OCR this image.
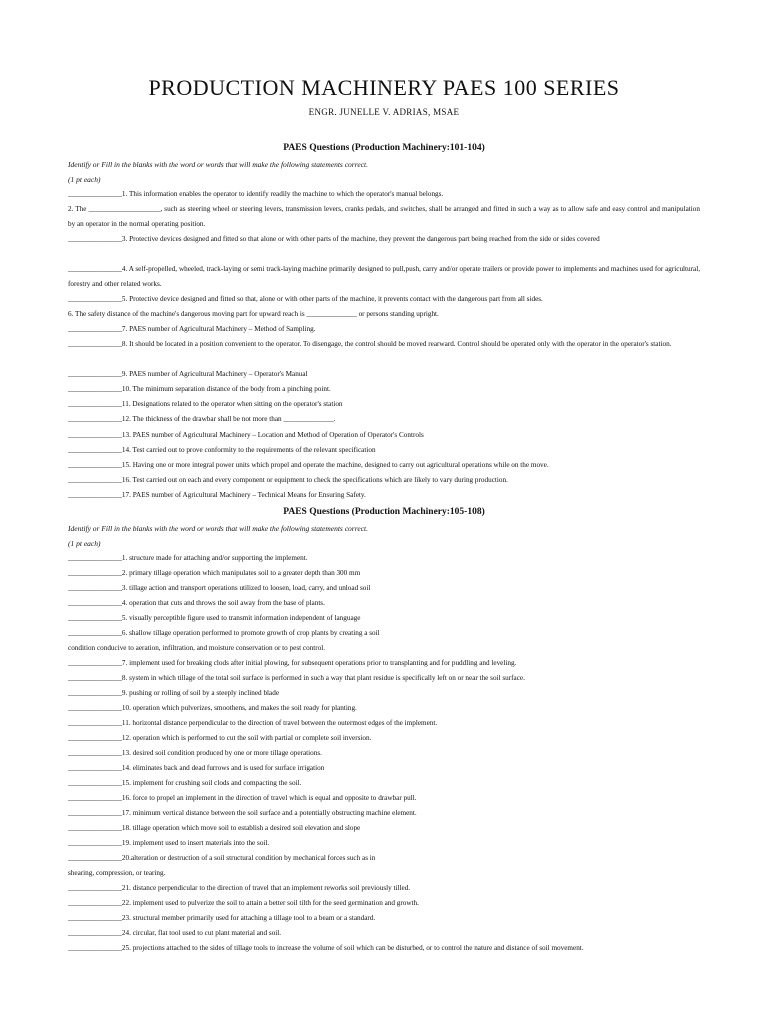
PRODUCTION MACHINERY PAES 100 SERIES
ENGR. JUNELLE V. ADRIAS, MSAE
PAES Questions (Production Machinery:101-104)
Identify or Fill in the blanks with the word or words that will make the following statements correct.
(1 pt each)
_______________1. This information enables the operator to identify readily the machine to which the operator's manual belongs.
2. The ____________________, such as steering wheel or steering levers, transmission levers, cranks pedals, and switches, shall be arranged and fitted in such a way as to allow safe and easy control and manipulation by an operator in the normal operating position.
_______________3. Protective devices designed and fitted so that alone or with other parts of the machine, they prevent the dangerous part being reached from the side or sides covered
_______________4. A self-propelled, wheeled, track-laying or semi track-laying machine primarily designed to pull,push, carry and/or operate trailers or provide power to implements and machines used for agricultural, forestry and other related works.
_______________5. Protective device designed and fitted so that, alone or with other parts of the machine, it prevents contact with the dangerous part from all sides.
6. The safety distance of the machine's dangerous moving part for upward reach is ______________ or persons standing upright.
_______________7. PAES number of Agricultural Machinery – Method of Sampling.
_______________8. It should be located in a position convenient to the operator. To disengage, the control should be moved rearward. Control should be operated only with the operator in the operator's station.
_______________9. PAES number of Agricultural Machinery – Operator's Manual
_______________10. The minimum separation distance of the body from a pinching point.
_______________11. Designations related to the operator when sitting on the operator's station
_______________12. The thickness of the drawbar shall be not more than ______________.
_______________13. PAES number of Agricultural Machinery – Location and Method of Operation of Operator's Controls
_______________14. Test carried out to prove conformity to the requirements of the relevant specification
_______________15. Having one or more integral power units which propel and operate the machine, designed to carry out agricultural operations while on the move.
_______________16. Test carried out on each and every component or equipment to check the specifications which are likely to vary during production.
_______________17. PAES number of Agricultural Machinery – Technical Means for Ensuring Safety.
PAES Questions (Production Machinery:105-108)
Identify or Fill in the blanks with the word or words that will make the following statements correct.
(1 pt each)
_______________1. structure made for attaching and/or supporting the implement.
_______________2. primary tillage operation which manipulates soil to a greater depth than 300 mm
_______________3. tillage action and transport operations utilized to loosen, load, carry, and unload soil
_______________4. operation that cuts and throws the soil away from the base of plants.
_______________5. visually perceptible figure used to transmit information independent of language
_______________6. shallow tillage operation performed to promote growth of crop plants by creating a soil
condition conducive to aeration, infiltration, and moisture conservation or to pest control.
_______________7. implement used for breaking clods after initial plowing, for subsequent operations prior to transplanting and for puddling and leveling.
_______________8. system in which tillage of the total soil surface is performed in such a way that plant residue is specifically left on or near the soil surface.
_______________9. pushing or rolling of soil by a steeply inclined blade
_______________10. operation which pulverizes, smoothens, and makes the soil ready for planting.
_______________11. horizontal distance perpendicular to the direction of travel between the outermost edges of the implement.
_______________12. operation which is performed to cut the soil with partial or complete soil inversion.
_______________13. desired soil condition produced by one or more tillage operations.
_______________14. eliminates back and dead furrows and is used for surface irrigation
_______________15. implement for crushing soil clods and compacting the soil.
_______________16. force to propel an implement in the direction of travel which is equal and opposite to drawbar pull.
_______________17. minimum vertical distance between the soil surface and a potentially obstructing machine element.
_______________18. tillage operation which move soil to establish a desired soil elevation and slope
_______________19. implement used to insert materials into the soil.
_______________20.alteration or destruction of a soil structural condition by mechanical forces such as in
shearing, compression, or tearing.
_______________21. distance perpendicular to the direction of travel that an implement reworks soil previously tilled.
_______________22. implement used to pulverize the soil to attain a better soil tilth for the seed germination and growth.
_______________23. structural member primarily used for attaching a tillage tool to a beam or a standard.
_______________24. circular, flat tool used to cut plant material and soil.
_______________25. projections attached to the sides of tillage tools to increase the volume of soil which can be disturbed, or to control the nature and distance of soil movement.
